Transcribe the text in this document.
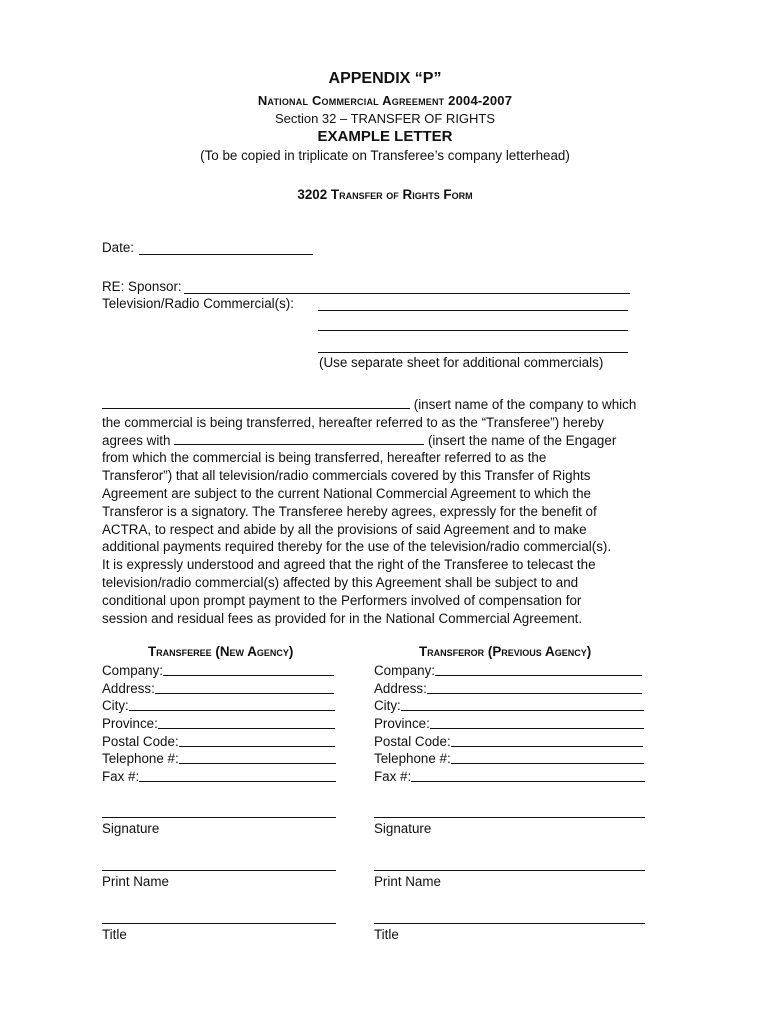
APPENDIX “P”
National Commercial Agreement 2004-2007
Section 32 – TRANSFER OF RIGHTS
EXAMPLE LETTER
(To be copied in triplicate on Transferee’s company letterhead)
3202 Transfer of Rights Form
Date:
RE: Sponsor:
Television/Radio Commercial(s):
(Use separate sheet for additional commercials)
(insert name of the company to which
the commercial is being transferred, hereafter referred to as the “Transferee”) hereby
agrees with	(insert the name of the Engager
from which the commercial is being transferred, hereafter referred to as the
Transferor”) that all television/radio commercials covered by this Transfer of Rights
Agreement are subject to the current National Commercial Agreement to which the
Transferor is a signatory. The Transferee hereby agrees, expressly for the benefit of
ACTRA, to respect and abide by all the provisions of said Agreement and to make
additional payments required thereby for the use of the television/radio commercial(s).
It is expressly understood and agreed that the right of the Transferee to telecast the
television/radio commercial(s) affected by this Agreement shall be subject to and
conditional upon prompt payment to the Performers involved of compensation for
session and residual fees as provided for in the National Commercial Agreement.
Transferee (New Agency)
Company:
Address:
City:
Province:
Postal Code:
Telephone #:
Fax #:
Signature
Print Name
Title
Transferor (Previous Agency)
Company:
Address:
City:
Province:
Postal Code:
Telephone #:
Fax #:
Signature
Print Name
Title
